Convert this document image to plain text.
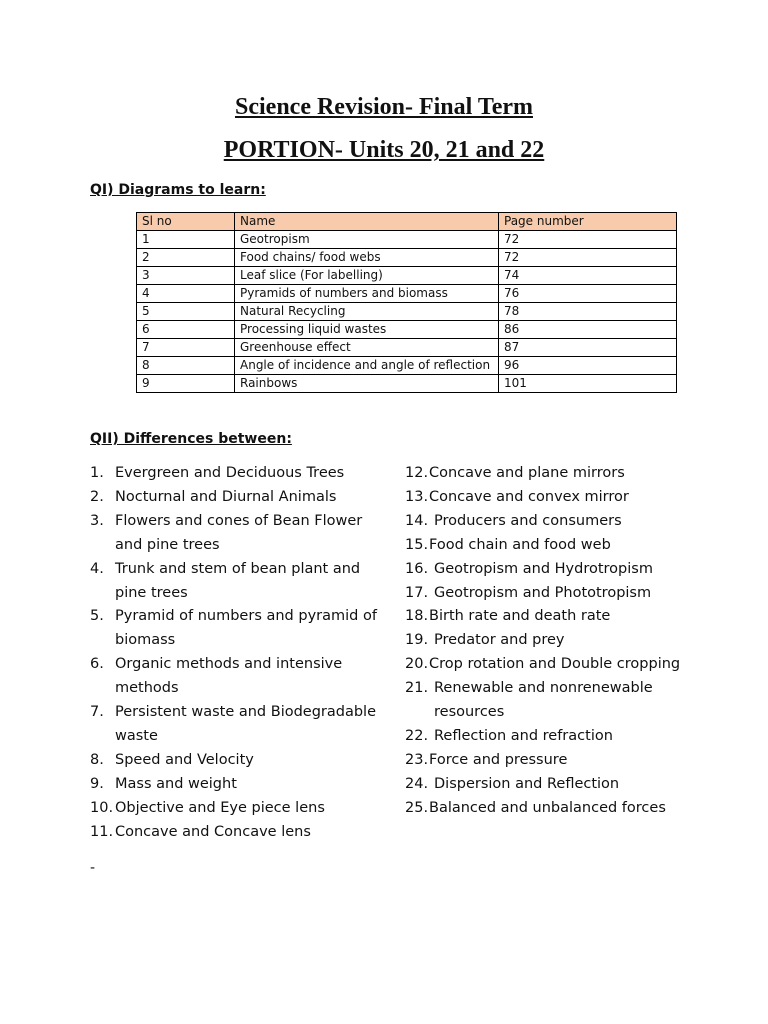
Science Revision- Final Term
PORTION- Units 20, 21 and 22

QI) Diagrams to learn:

Sl no	Name	Page number
1	Geotropism	72
2	Food chains/ food webs	72
3	Leaf slice (For labelling)	74
4	Pyramids of numbers and biomass	76
5	Natural Recycling	78
6	Processing liquid wastes	86
7	Greenhouse effect	87
8	Angle of incidence and angle of reflection	96
9	Rainbows	101

QII) Differences between:

1. Evergreen and Deciduous Trees
2. Nocturnal and Diurnal Animals
3. Flowers and cones of Bean Flower and pine trees
4. Trunk and stem of bean plant and pine trees
5. Pyramid of numbers and pyramid of biomass
6. Organic methods and intensive methods
7. Persistent waste and Biodegradable waste
8. Speed and Velocity
9. Mass and weight
10. Objective and Eye piece lens
11. Concave and Concave lens
12. Concave and plane mirrors
13. Concave and convex mirror
14. Producers and consumers
15. Food chain and food web
16. Geotropism and Hydrotropism
17. Geotropism and Phototropism
18. Birth rate and death rate
19. Predator and prey
20. Crop rotation and Double cropping
21. Renewable and nonrenewable resources
22. Reflection and refraction
23. Force and pressure
24. Dispersion and Reflection
25. Balanced and unbalanced forces
-
